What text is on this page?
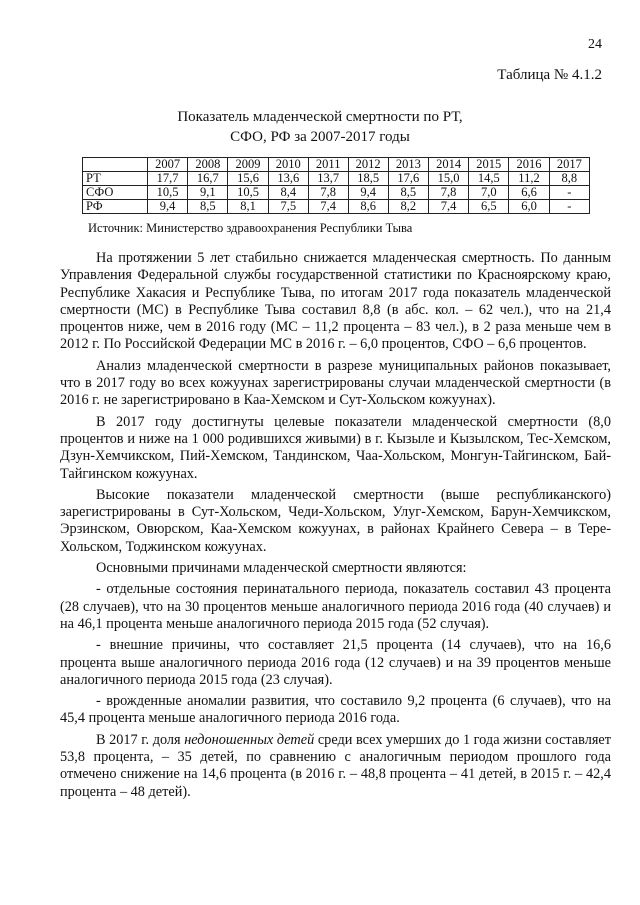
24
Таблица № 4.1.2
Показатель младенческой смертности по РТ,
СФО, РФ за 2007-2017 годы
	2007	2008	2009	2010	2011	2012	2013	2014	2015	2016	2017
РТ	17,7	16,7	15,6	13,6	13,7	18,5	17,6	15,0	14,5	11,2	8,8
СФО	10,5	9,1	10,5	8,4	7,8	9,4	8,5	7,8	7,0	6,6	-
РФ	9,4	8,5	8,1	7,5	7,4	8,6	8,2	7,4	6,5	6,0	-
Источник: Министерство здравоохранения Республики Тыва

На протяжении 5 лет стабильно снижается младенческая смертность. По данным Управления Федеральной службы государственной статистики по Красноярскому краю, Республике Хакасия и Республике Тыва, по итогам 2017 года показатель младенческой смертности (МС) в Республике Тыва составил 8,8 (в абс. кол. – 62 чел.), что на 21,4 процентов ниже, чем в 2016 году (МС – 11,2 процента – 83 чел.), в 2 раза меньше чем в 2012 г. По Российской Федерации МС в 2016 г. – 6,0 процентов, СФО – 6,6 процентов.

Анализ младенческой смертности в разрезе муниципальных районов показывает, что в 2017 году во всех кожуунах зарегистрированы случаи младенческой смертности (в 2016 г. не зарегистрировано в Каа-Хемском и Сут-Хольском кожуунах).

В 2017 году достигнуты целевые показатели младенческой смертности (8,0 процентов и ниже на 1 000 родившихся живыми) в г. Кызыле и Кызылском, Тес-Хемском, Дзун-Хемчикском, Пий-Хемском, Тандинском, Чаа-Хольском, Монгун-Тайгинском, Бай-Тайгинском кожуунах.

Высокие показатели младенческой смертности (выше республиканского) зарегистрированы в Сут-Хольском, Чеди-Хольском, Улуг-Хемском, Барун-Хемчикском, Эрзинском, Овюрском, Каа-Хемском кожуунах, в районах Крайнего Севера – в Тере-Хольском, Тоджинском кожуунах.

Основными причинами младенческой смертности являются:

- отдельные состояния перинатального периода, показатель составил 43 процента (28 случаев), что на 30 процентов меньше аналогичного периода 2016 года (40 случаев) и на 46,1 процента меньше аналогичного периода 2015 года (52 случая).

- внешние причины, что составляет 21,5 процента (14 случаев), что на 16,6 процента выше аналогичного периода 2016 года (12 случаев) и на 39 процентов меньше аналогичного периода 2015 года (23 случая).

- врожденные аномалии развития, что составило 9,2 процента (6 случаев), что на 45,4 процента меньше аналогичного периода 2016 года.

В 2017 г. доля недоношенных детей среди всех умерших до 1 года жизни составляет 53,8 процента, – 35 детей, по сравнению с аналогичным периодом прошлого года отмечено снижение на 14,6 процента (в 2016 г. – 48,8 процента – 41 детей, в 2015 г. – 42,4 процента – 48 детей).
